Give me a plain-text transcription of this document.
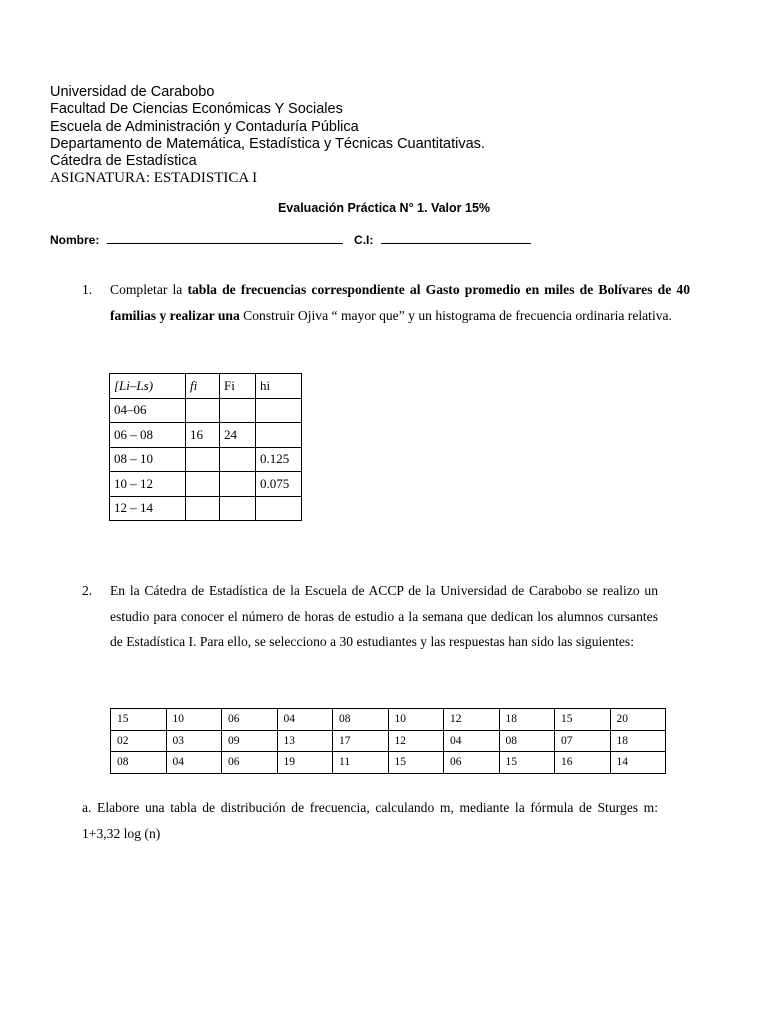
Universidad de Carabobo
Facultad De Ciencias Económicas Y Sociales
Escuela de Administración y Contaduría Pública
Departamento de Matemática, Estadística y Técnicas Cuantitativas.
Cátedra de Estadística
ASIGNATURA: ESTADISTICA I
Evaluación Práctica N° 1. Valor 15%
Nombre:	C.I:
1. Completar la tabla de frecuencias correspondiente al Gasto promedio en miles de Bolívares de 40 familias y realizar una Construir Ojiva “ mayor que” y un histograma de frecuencia ordinaria relativa.
[Li–Ls)	fi	Fi	hi
04–06			
06 – 08	16	24	
08 – 10			0.125
10 – 12			0.075
12 – 14			
2. En la Cátedra de Estadística de la Escuela de ACCP de la Universidad de Carabobo se realizo un estudio para conocer el número de horas de estudio a la semana que dedican los alumnos cursantes de Estadística I. Para ello, se selecciono a 30 estudiantes y las respuestas han sido las siguientes:
15	10	06	04	08	10	12	18	15	20
02	03	09	13	17	12	04	08	07	18
08	04	06	19	11	15	06	15	16	14
a. Elabore una tabla de distribución de frecuencia, calculando m, mediante la fórmula de Sturges m: 1+3,32 log (n)
